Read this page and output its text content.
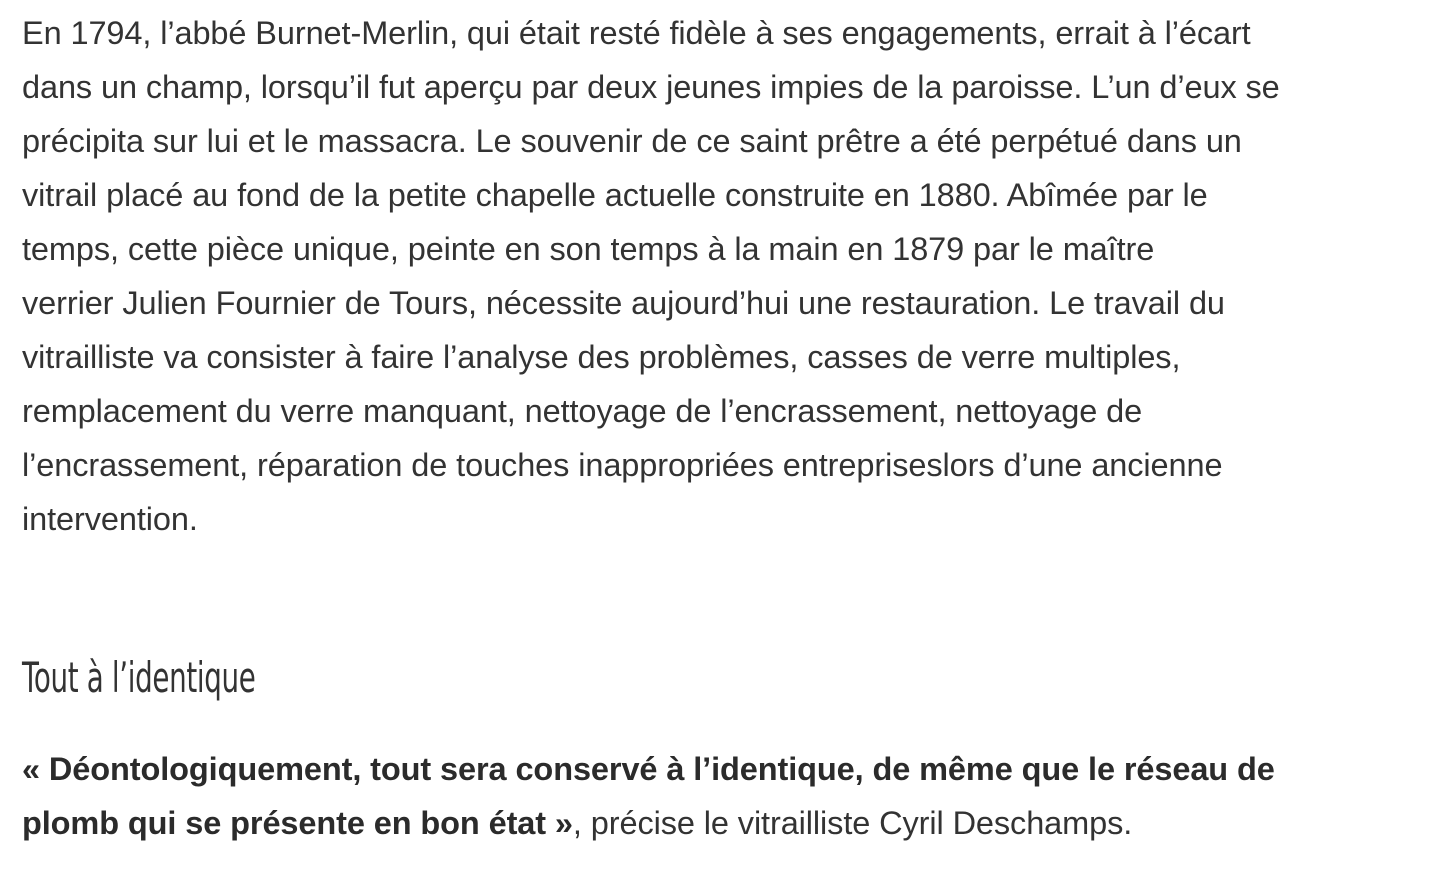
En 1794, l’abbé Burnet-Merlin, qui était resté fidèle à ses engagements, errait à l’écart
dans un champ, lorsqu’il fut aperçu par deux jeunes impies de la paroisse. L’un d’eux se
précipita sur lui et le massacra. Le souvenir de ce saint prêtre a été perpétué dans un
vitrail placé au fond de la petite chapelle actuelle construite en 1880. Abîmée par le
temps, cette pièce unique, peinte en son temps à la main en 1879 par le maître
verrier Julien Fournier de Tours, nécessite aujourd’hui une restauration. Le travail du
vitrailliste va consister à faire l’analyse des problèmes, casses de verre multiples,
remplacement du verre manquant, nettoyage de l’encrassement, nettoyage de
l’encrassement, réparation de touches inappropriées entrepriseslors d’une ancienne
intervention.

Tout à l’identique

« Déontologiquement, tout sera conservé à l’identique, de même que le réseau de
plomb qui se présente en bon état », précise le vitrailliste Cyril Deschamps.
